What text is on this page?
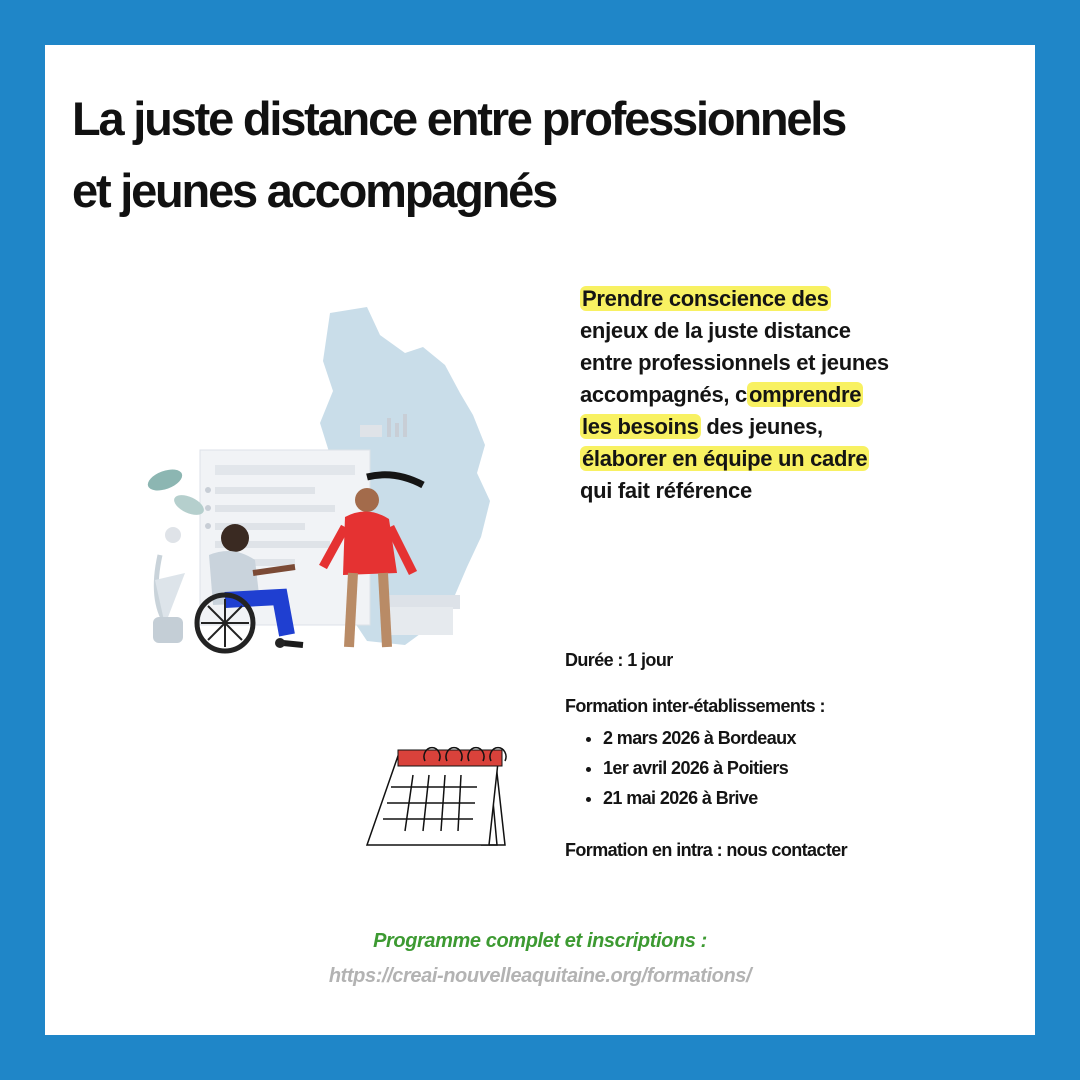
La juste distance entre professionnels
et jeunes accompagnés
Prendre conscience des
enjeux de la juste distance
entre professionnels et jeunes
accompagnés, comprendre
les besoins des jeunes,
élaborer en équipe un cadre
qui fait référence

Durée : 1 jour

Formation inter-établissements :

• 2 mars 2026 à Bordeaux
• 1er avril 2026 à Poitiers
• 21 mai 2026 à Brive

Formation en intra : nous contacter

Programme complet et inscriptions :
https://creai-nouvelleaquitaine.org/formations/
